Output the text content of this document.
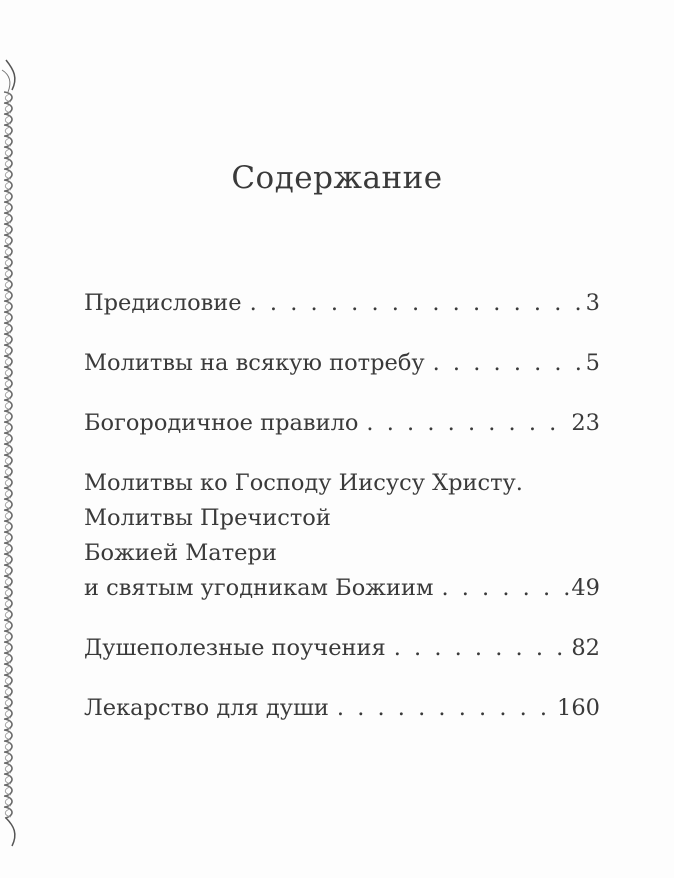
Содержание
Предисловие . . .	3
Молитвы на всякую потребу . . .	5
Богородичное правило . . .	23
Молитвы ко Господу Иисусу Христу.
Молитвы Пречистой
Божией Матери
и святым угодникам Божиим . . .	49
Душеполезные поучения . . .	82
Лекарство для души . . .	160
